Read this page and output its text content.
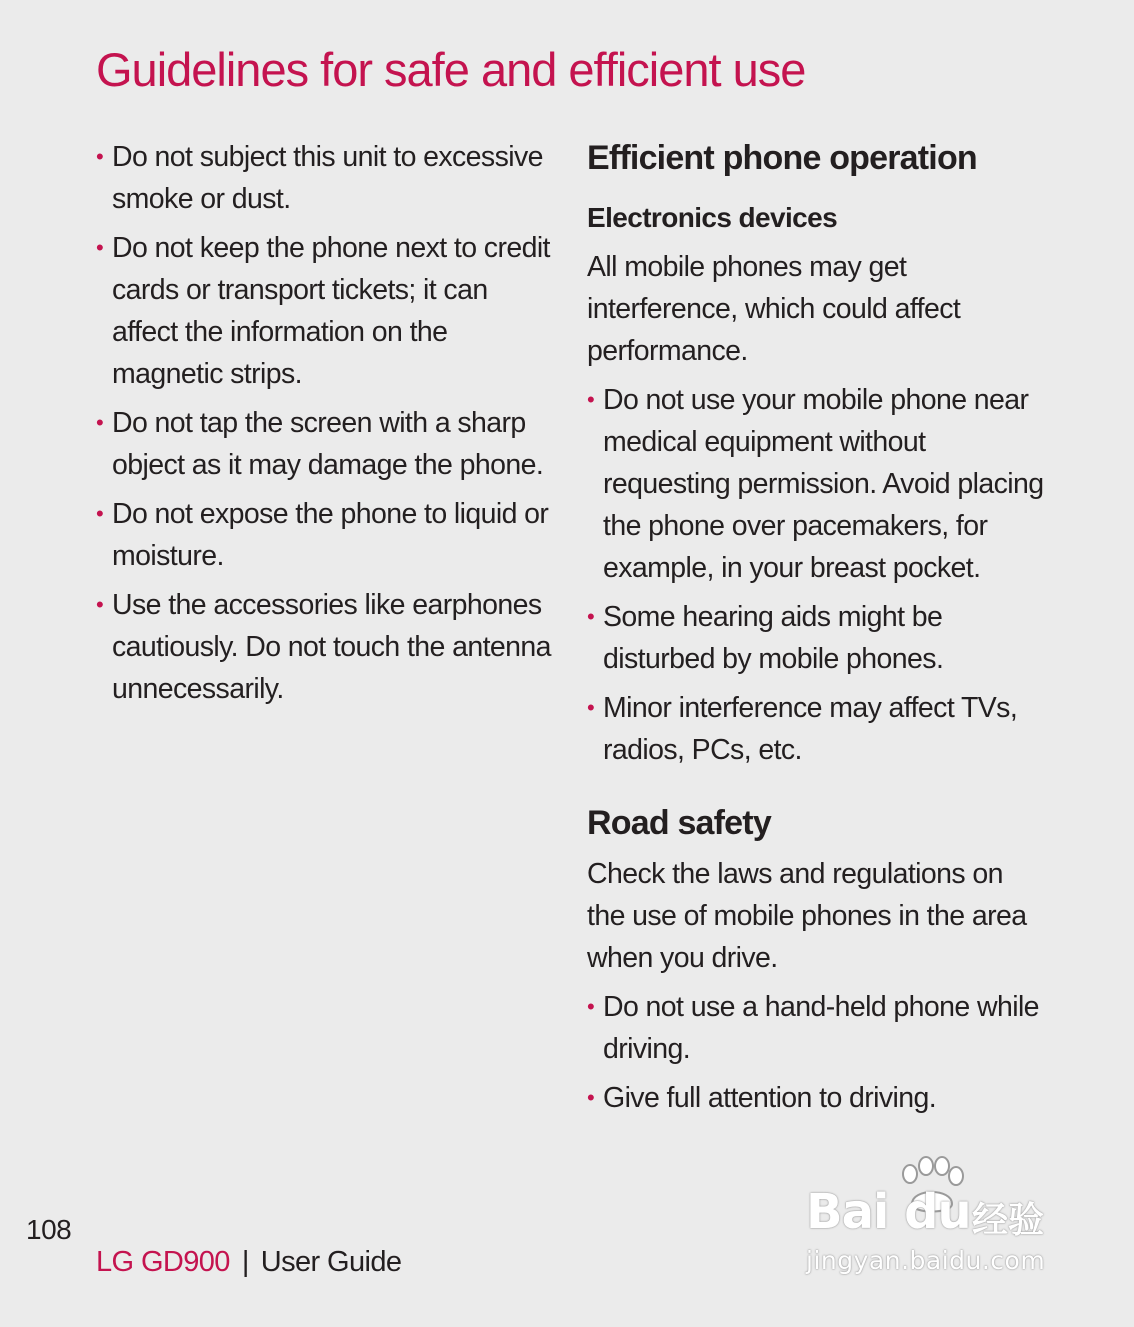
Guidelines for safe and efficient use
• Do not subject this unit to excessive smoke or dust.
• Do not keep the phone next to credit cards or transport tickets; it can affect the information on the magnetic strips.
• Do not tap the screen with a sharp object as it may damage the phone.
• Do not expose the phone to liquid or moisture.
• Use the accessories like earphones cautiously. Do not touch the antenna unnecessarily.
Efficient phone operation
Electronics devices

All mobile phones may get interference, which could affect performance.

• Do not use your mobile phone near medical equipment without requesting permission. Avoid placing the phone over pacemakers, for example, in your breast pocket.
• Some hearing aids might be disturbed by mobile phones.
• Minor interference may affect TVs, radios, PCs, etc.
Road safety

Check the laws and regulations on the use of mobile phones in the area when you drive.

• Do not use a hand-held phone while driving.
• Give full attention to driving.
108
LG GD900 | User Guide
Bai du 经验
jingyan.baidu.com
